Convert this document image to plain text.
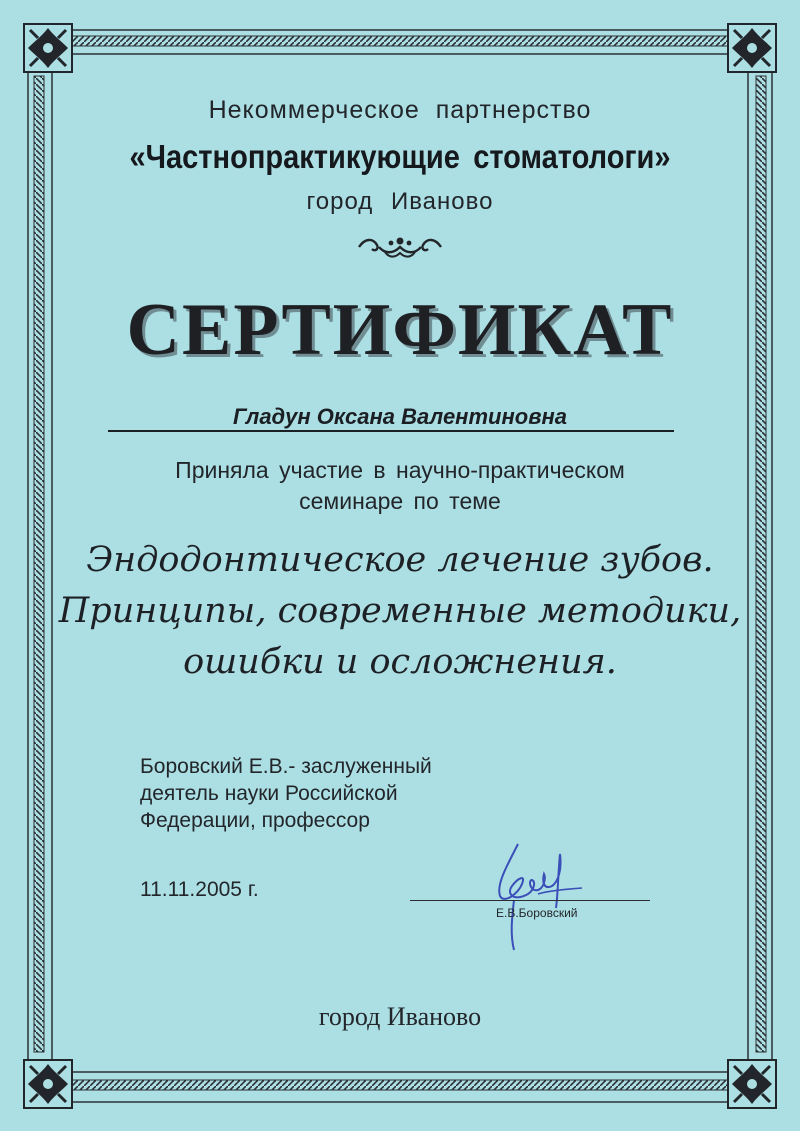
Некоммерческое партнерство
«Частнопрактикующие стоматологи»
город Иваново
СЕРТИФИКАТ
Гладун Оксана Валентиновна
Приняла участие в научно-практическом
семинаре по теме
Эндодонтическое лечение зубов.
Принципы, современные методики,
ошибки и осложнения.
Боровский Е.В.- заслуженный
деятель науки Российской
Федерации, профессор
11.11.2005 г.
Е.В.Боровский
город Иваново
